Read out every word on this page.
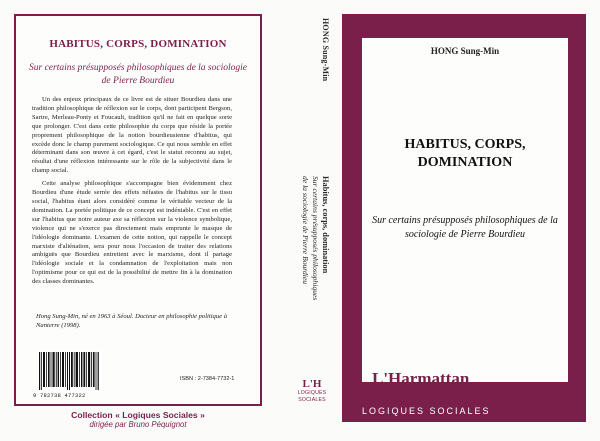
HABITUS, CORPS, DOMINATION
Sur certains présupposés philosophiques de la sociologie de Pierre Bourdieu

Un des enjeux principaux de ce livre est de situer Bourdieu dans une tradition philosophique de réflexion sur le corps, dont participent Bergson, Sartre, Merleau-Ponty et Foucault, tradition qu'il ne fait en quelque sorte que prolonger. C'est dans cette philosophie du corps que réside la portée proprement philosophique de la notion bourdieusienne d'habitus, qui excède donc le champ purement sociologique. Ce qui nous semble en effet déterminant dans son œuvre à cet égard, c'est le statut reconnu au sujet, résultat d'une réflexion intéressante sur le rôle de la subjectivité dans le champ social.

Cette analyse philosophique s'accompagne bien évidemment chez Bourdieu d'une étude serrée des effets néfastes de l'habitus sur le tissu social, l'habitus étant alors considéré comme le véritable vecteur de la domination. La portée politique de ce concept est indéniable. C'est en effet sur l'habitus que notre auteur axe sa réflexion sur la violence symbolique, violence qui ne s'exerce pas directement mais emprunte le masque de l'idéologie dominante. L'examen de cette notion, qui rappelle le concept marxiste d'aliénation, sera pour nous l'occasion de traiter des relations ambiguës que Bourdieu entretient avec le marxisme, dont il partage l'idéologie sociale et la condamnation de l'exploitation mais non l'optimisme pour ce qui est de la possibilité de mettre fin à la domination des classes dominantes.

Hong Sung-Min, né en 1963 à Séoul. Docteur en philosophie politique à Nanterre (1998).
9 782738 477322
ISBN : 2-7384-7732-1
Collection « Logiques Sociales »
dirigée par Bruno Péquignot
HONG Sung-Min
Habitus, corps, domination
Sur certains présupposés philosophiques
de la sociologie de Pierre Bourdieu
L'H
LOGIQUES
SOCIALES
HONG Sung-Min
HABITUS, CORPS,
DOMINATION
Sur certains présupposés philosophiques de la sociologie de Pierre Bourdieu
L'Harmattan
LOGIQUES SOCIALES
